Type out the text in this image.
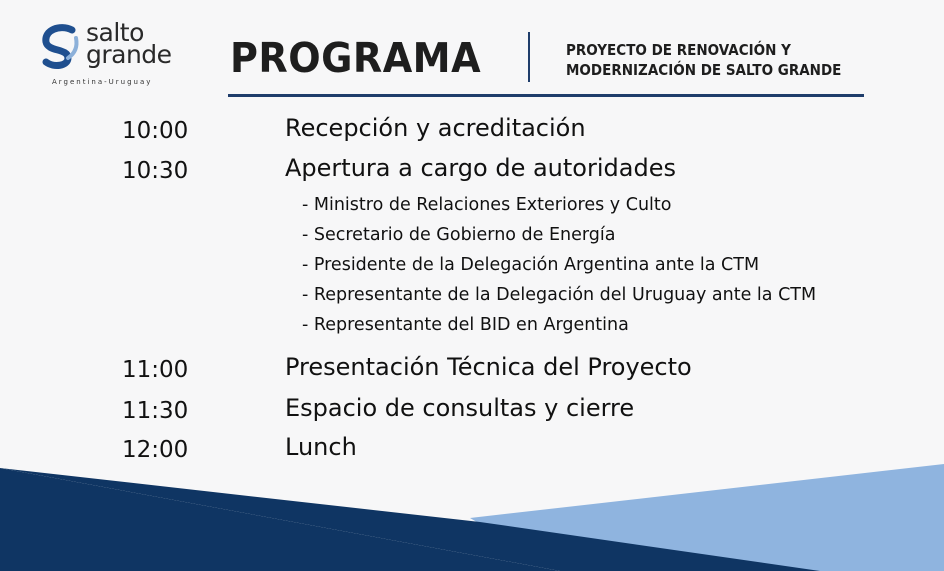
salto
grande
Argentina-Uruguay PROGRAMA	PROYECTO DE RENOVACIÓN Y
MODERNIZACIÓN DE SALTO GRANDE
10:00	Recepción y acreditación
10:30	Apertura a cargo de autoridades
- Ministro de Relaciones Exteriores y Culto
- Secretario de Gobierno de Energía
- Presidente de la Delegación Argentina ante la CTM
- Representante de la Delegación del Uruguay ante la CTM
- Representante del BID en Argentina
11:00	Presentación Técnica del Proyecto
11:30	Espacio de consultas y cierre
12:00	Lunch
